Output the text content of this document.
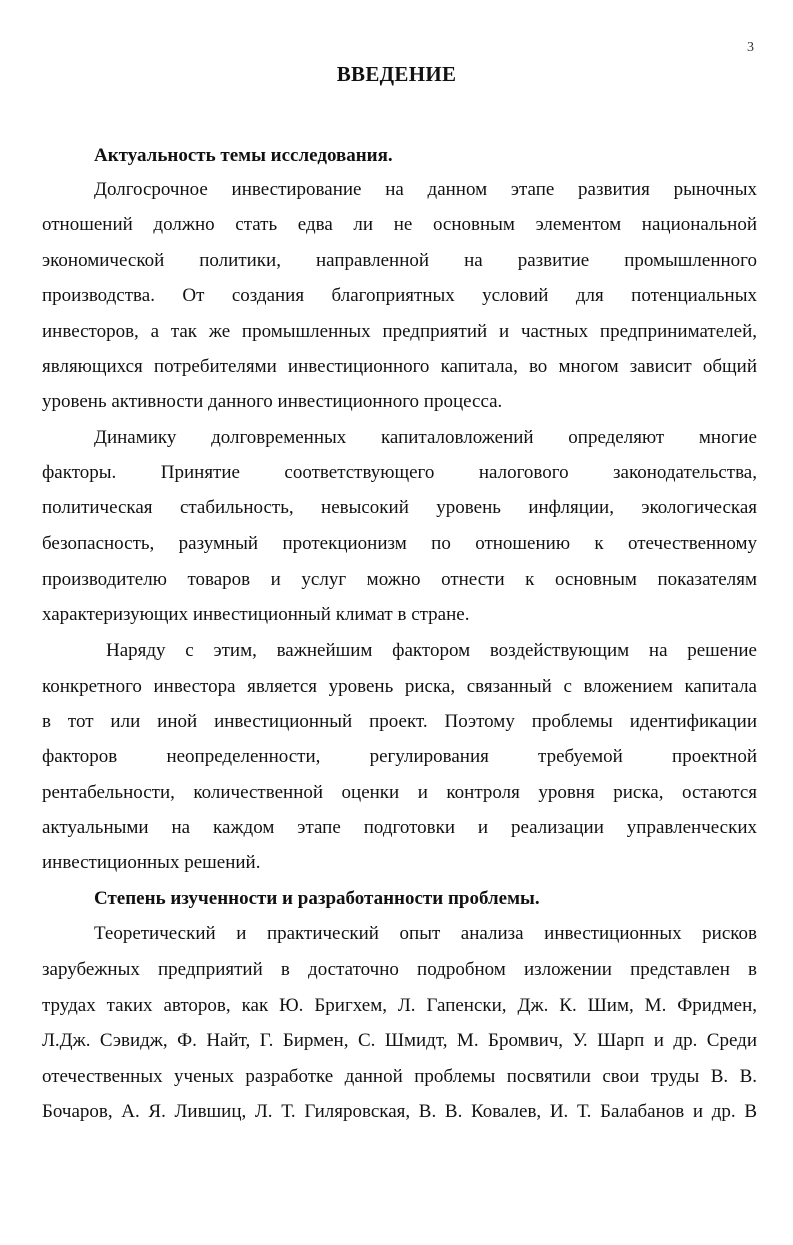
3
ВВЕДЕНИЕ
Актуальность темы исследования.
Долгосрочное инвестирование на данном этапе развития рыночных
отношений должно стать едва ли не основным элементом национальной
экономической политики, направленной на развитие промышленного
производства. От создания благоприятных условий для потенциальных
инвесторов, а так же промышленных предприятий и частных предпринимателей,
являющихся потребителями инвестиционного капитала, во многом зависит общий
уровень активности данного инвестиционного процесса.
Динамику долговременных капиталовложений определяют многие
факторы. Принятие соответствующего налогового законодательства,
политическая стабильность, невысокий уровень инфляции, экологическая
безопасность, разумный протекционизм по отношению к отечественному
производителю товаров и услуг можно отнести к основным показателям
характеризующих инвестиционный климат в стране.
Наряду с этим, важнейшим фактором воздействующим на решение
конкретного инвестора является уровень риска, связанный с вложением капитала
в тот или иной инвестиционный проект. Поэтому проблемы идентификации
факторов неопределенности, регулирования требуемой проектной
рентабельности, количественной оценки и контроля уровня риска, остаются
актуальными на каждом этапе подготовки и реализации управленческих
инвестиционных решений.
Степень изученности и разработанности проблемы.
Теоретический и практический опыт анализа инвестиционных рисков
зарубежных предприятий в достаточно подробном изложении представлен в
трудах таких авторов, как Ю. Бригхем, Л. Гапенски, Дж. К. Шим, М. Фридмен,
Л.Дж. Сэвидж, Ф. Найт, Г. Бирмен, С. Шмидт, М. Бромвич, У. Шарп и др. Среди
отечественных ученых разработке данной проблемы посвятили свои труды В. В.
Бочаров, А. Я. Лившиц, Л. Т. Гиляровская, В. В. Ковалев, И. Т. Балабанов и др. В
